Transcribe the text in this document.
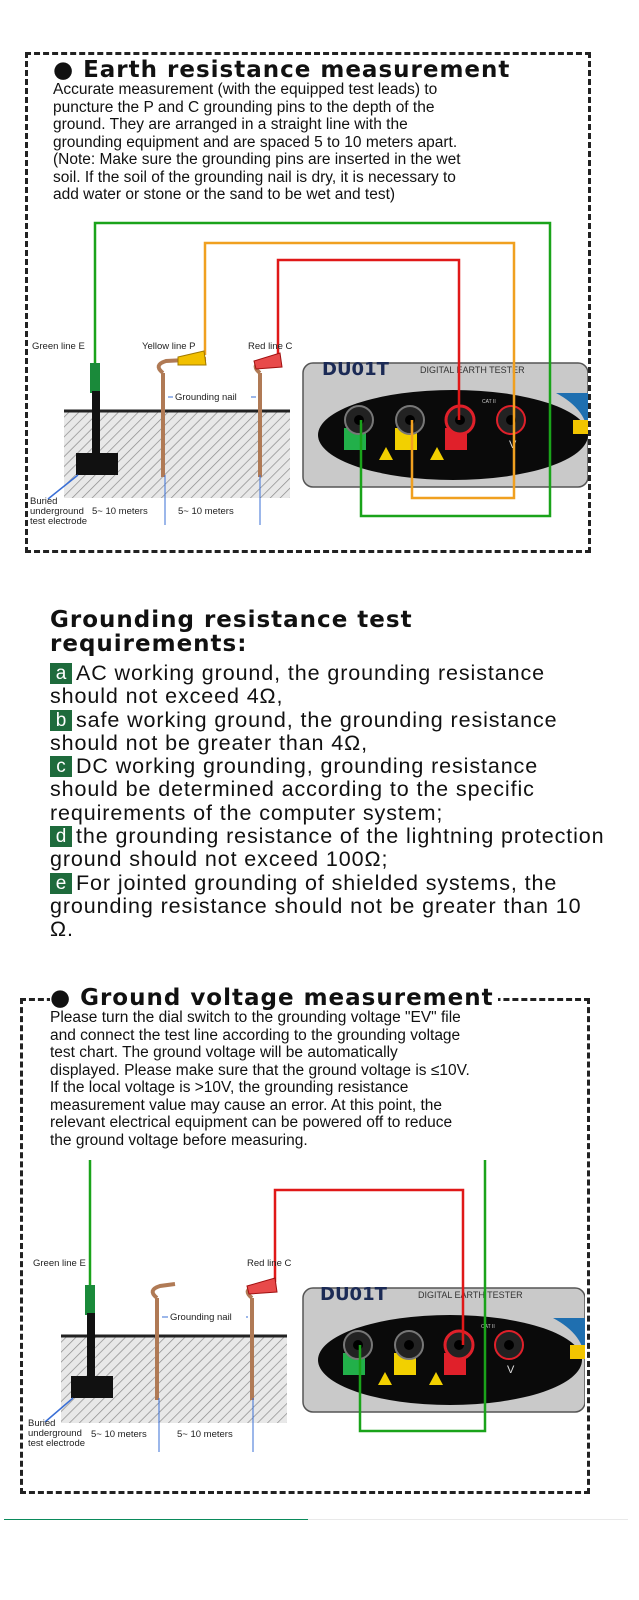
● Earth resistance measurement
Accurate measurement (with the equipped test leads) to
puncture the P and C grounding pins to the depth of the
ground. They are arranged in a straight line with the
grounding equipment and are spaced 5 to 10 meters apart.
(Note: Make sure the grounding pins are inserted in the wet
soil. If the soil of the grounding nail is dry, it is necessary to
add water or stone or the sand to be wet and test)
DU01T	DIGITAL EARTH TESTER
CAT II
V
Green line E	Yellow line P	Red line C
Grounding nail
Buried
underground
test electrode
5~ 10 meters	5~ 10 meters
Grounding resistance test requirements:
a AC working ground, the grounding resistance should not exceed 4Ω,
b safe working ground, the grounding resistance should not be greater than 4Ω,
c DC working grounding, grounding resistance should be determined according to the specific requirements of the computer system;
d the grounding resistance of the lightning protection ground should not exceed 100Ω;
e For jointed grounding of shielded systems, the grounding resistance should not be greater than 10 Ω.
● Ground voltage measurement
Please turn the dial switch to the grounding voltage "EV" file
and connect the test line according to the grounding voltage
test chart. The ground voltage will be automatically
displayed. Please make sure that the ground voltage is ≤10V.
If the local voltage is >10V, the grounding resistance
measurement value may cause an error. At this point, the
relevant electrical equipment can be powered off to reduce
the ground voltage before measuring.
DU01T	DIGITAL EARTH TESTER
CAT II
V
Green line E	Red line C
Grounding nail
Buried
underground
test electrode
5~ 10 meters	5~ 10 meters
